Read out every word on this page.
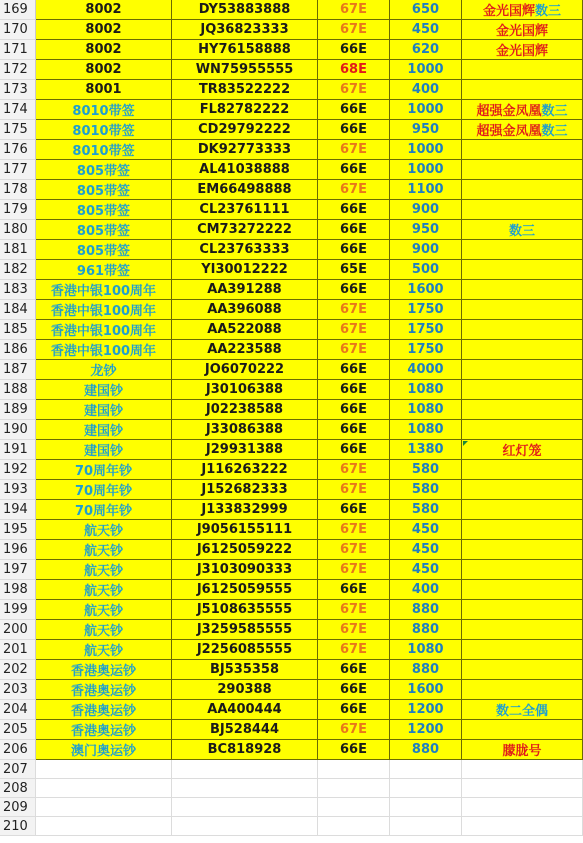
169	8002	DY53883888	67E	650	金光国辉 数三
170	8002	JQ36823333	67E	450	金光国辉
171	8002	HY76158888	66E	620	金光国辉
172	8002	WN75955555	68E	1000
173	8001	TR83522222	67E	400
174	8010带签	FL82782222	66E	1000	超强金凤凰 数三
175	8010带签	CD29792222	66E	950	超强金凤凰 数三
176	8010带签	DK92773333	67E	1000
177	805带签	AL41038888	66E	1000
178	805带签	EM66498888	67E	1100
179	805带签	CL23761111	66E	900
180	805带签	CM73272222	66E	950	数三
181	805带签	CL23763333	66E	900
182	961带签	YI30012222	65E	500
183	香港中银100周年	AA391288	66E	1600
184	香港中银100周年	AA396088	67E	1750
185	香港中银100周年	AA522088	67E	1750
186	香港中银100周年	AA223588	67E	1750
187	龙钞	JO6070222	66E	4000
188	建国钞	J30106388	66E	1080
189	建国钞	J02238588	66E	1080
190	建国钞	J33086388	66E	1080
191	建国钞	J29931388	66E	1380	红灯笼
192	70周年钞	J116263222	67E	580
193	70周年钞	J152682333	67E	580
194	70周年钞	J133832999	66E	580
195	航天钞	J9056155111	67E	450
196	航天钞	J6125059222	67E	450
197	航天钞	J3103090333	67E	450
198	航天钞	J6125059555	66E	400
199	航天钞	J5108635555	67E	880
200	航天钞	J3259585555	67E	880
201	航天钞	J2256085555	67E	1080
202	香港奥运钞	BJ535358	66E	880
203	香港奥运钞	290388	66E	1600
204	香港奥运钞	AA400444	66E	1200	数二全偶
205	香港奥运钞	BJ528444	67E	1200
206	澳门奥运钞	BC818928	66E	880	朦胧号
207
208
209
210
